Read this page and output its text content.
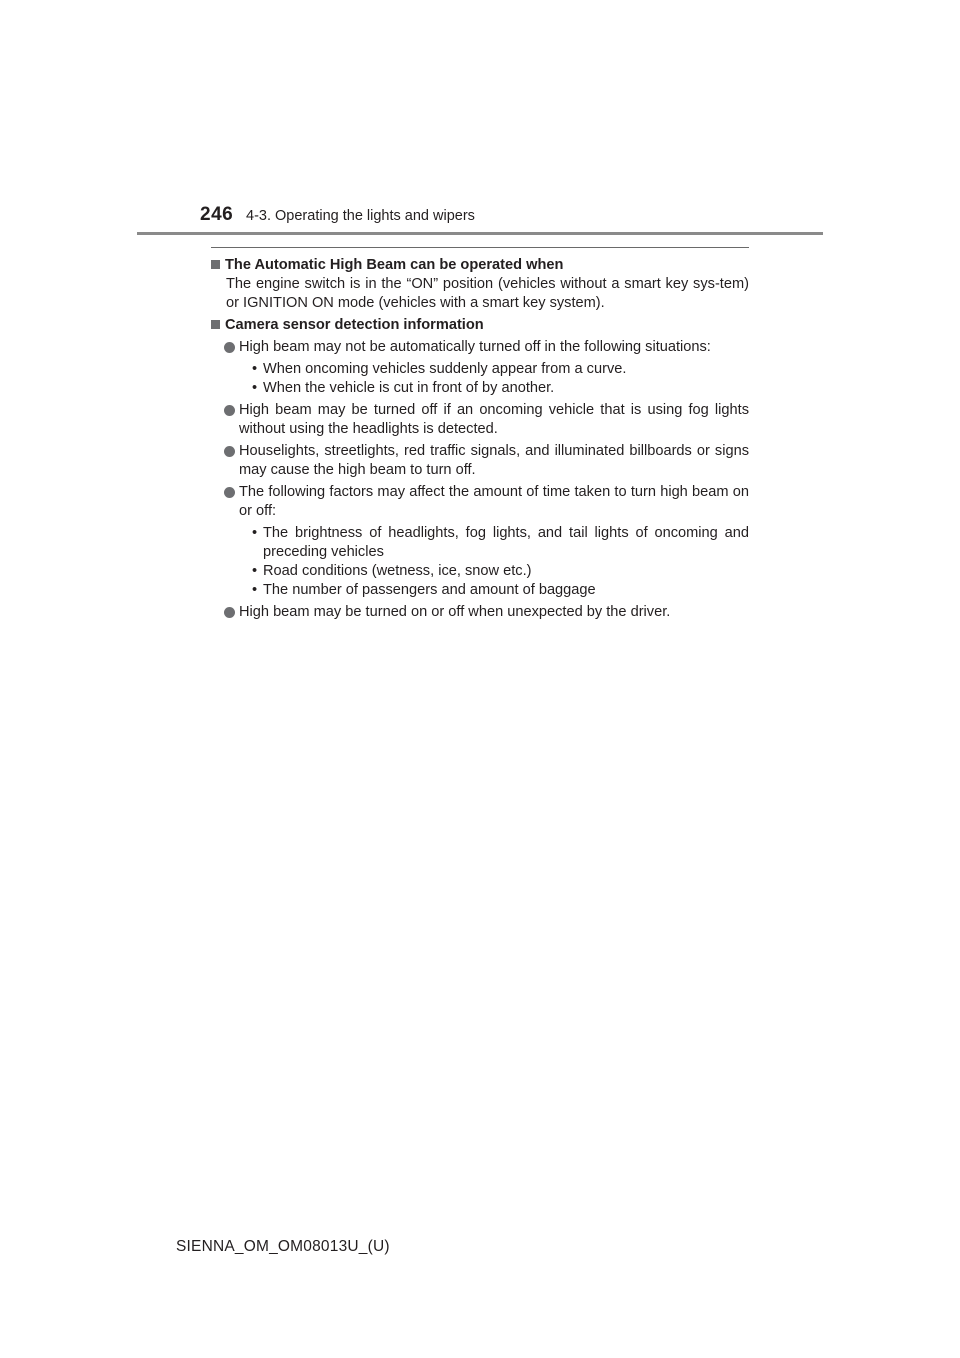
246 4-3. Operating the lights and wipers
The Automatic High Beam can be operated when
The engine switch is in the “ON” position (vehicles without a smart key sys-tem) or IGNITION ON mode (vehicles with a smart key system).
Camera sensor detection information
High beam may not be automatically turned off in the following situations:
• When oncoming vehicles suddenly appear from a curve.
• When the vehicle is cut in front of by another.
High beam may be turned off if an oncoming vehicle that is using fog lights without using the headlights is detected.
Houselights, streetlights, red traffic signals, and illuminated billboards or signs may cause the high beam to turn off.
The following factors may affect the amount of time taken to turn high beam on or off:
• The brightness of headlights, fog lights, and tail lights of oncoming and preceding vehicles
• Road conditions (wetness, ice, snow etc.)
• The number of passengers and amount of baggage
High beam may be turned on or off when unexpected by the driver.
SIENNA_OM_OM08013U_(U)
